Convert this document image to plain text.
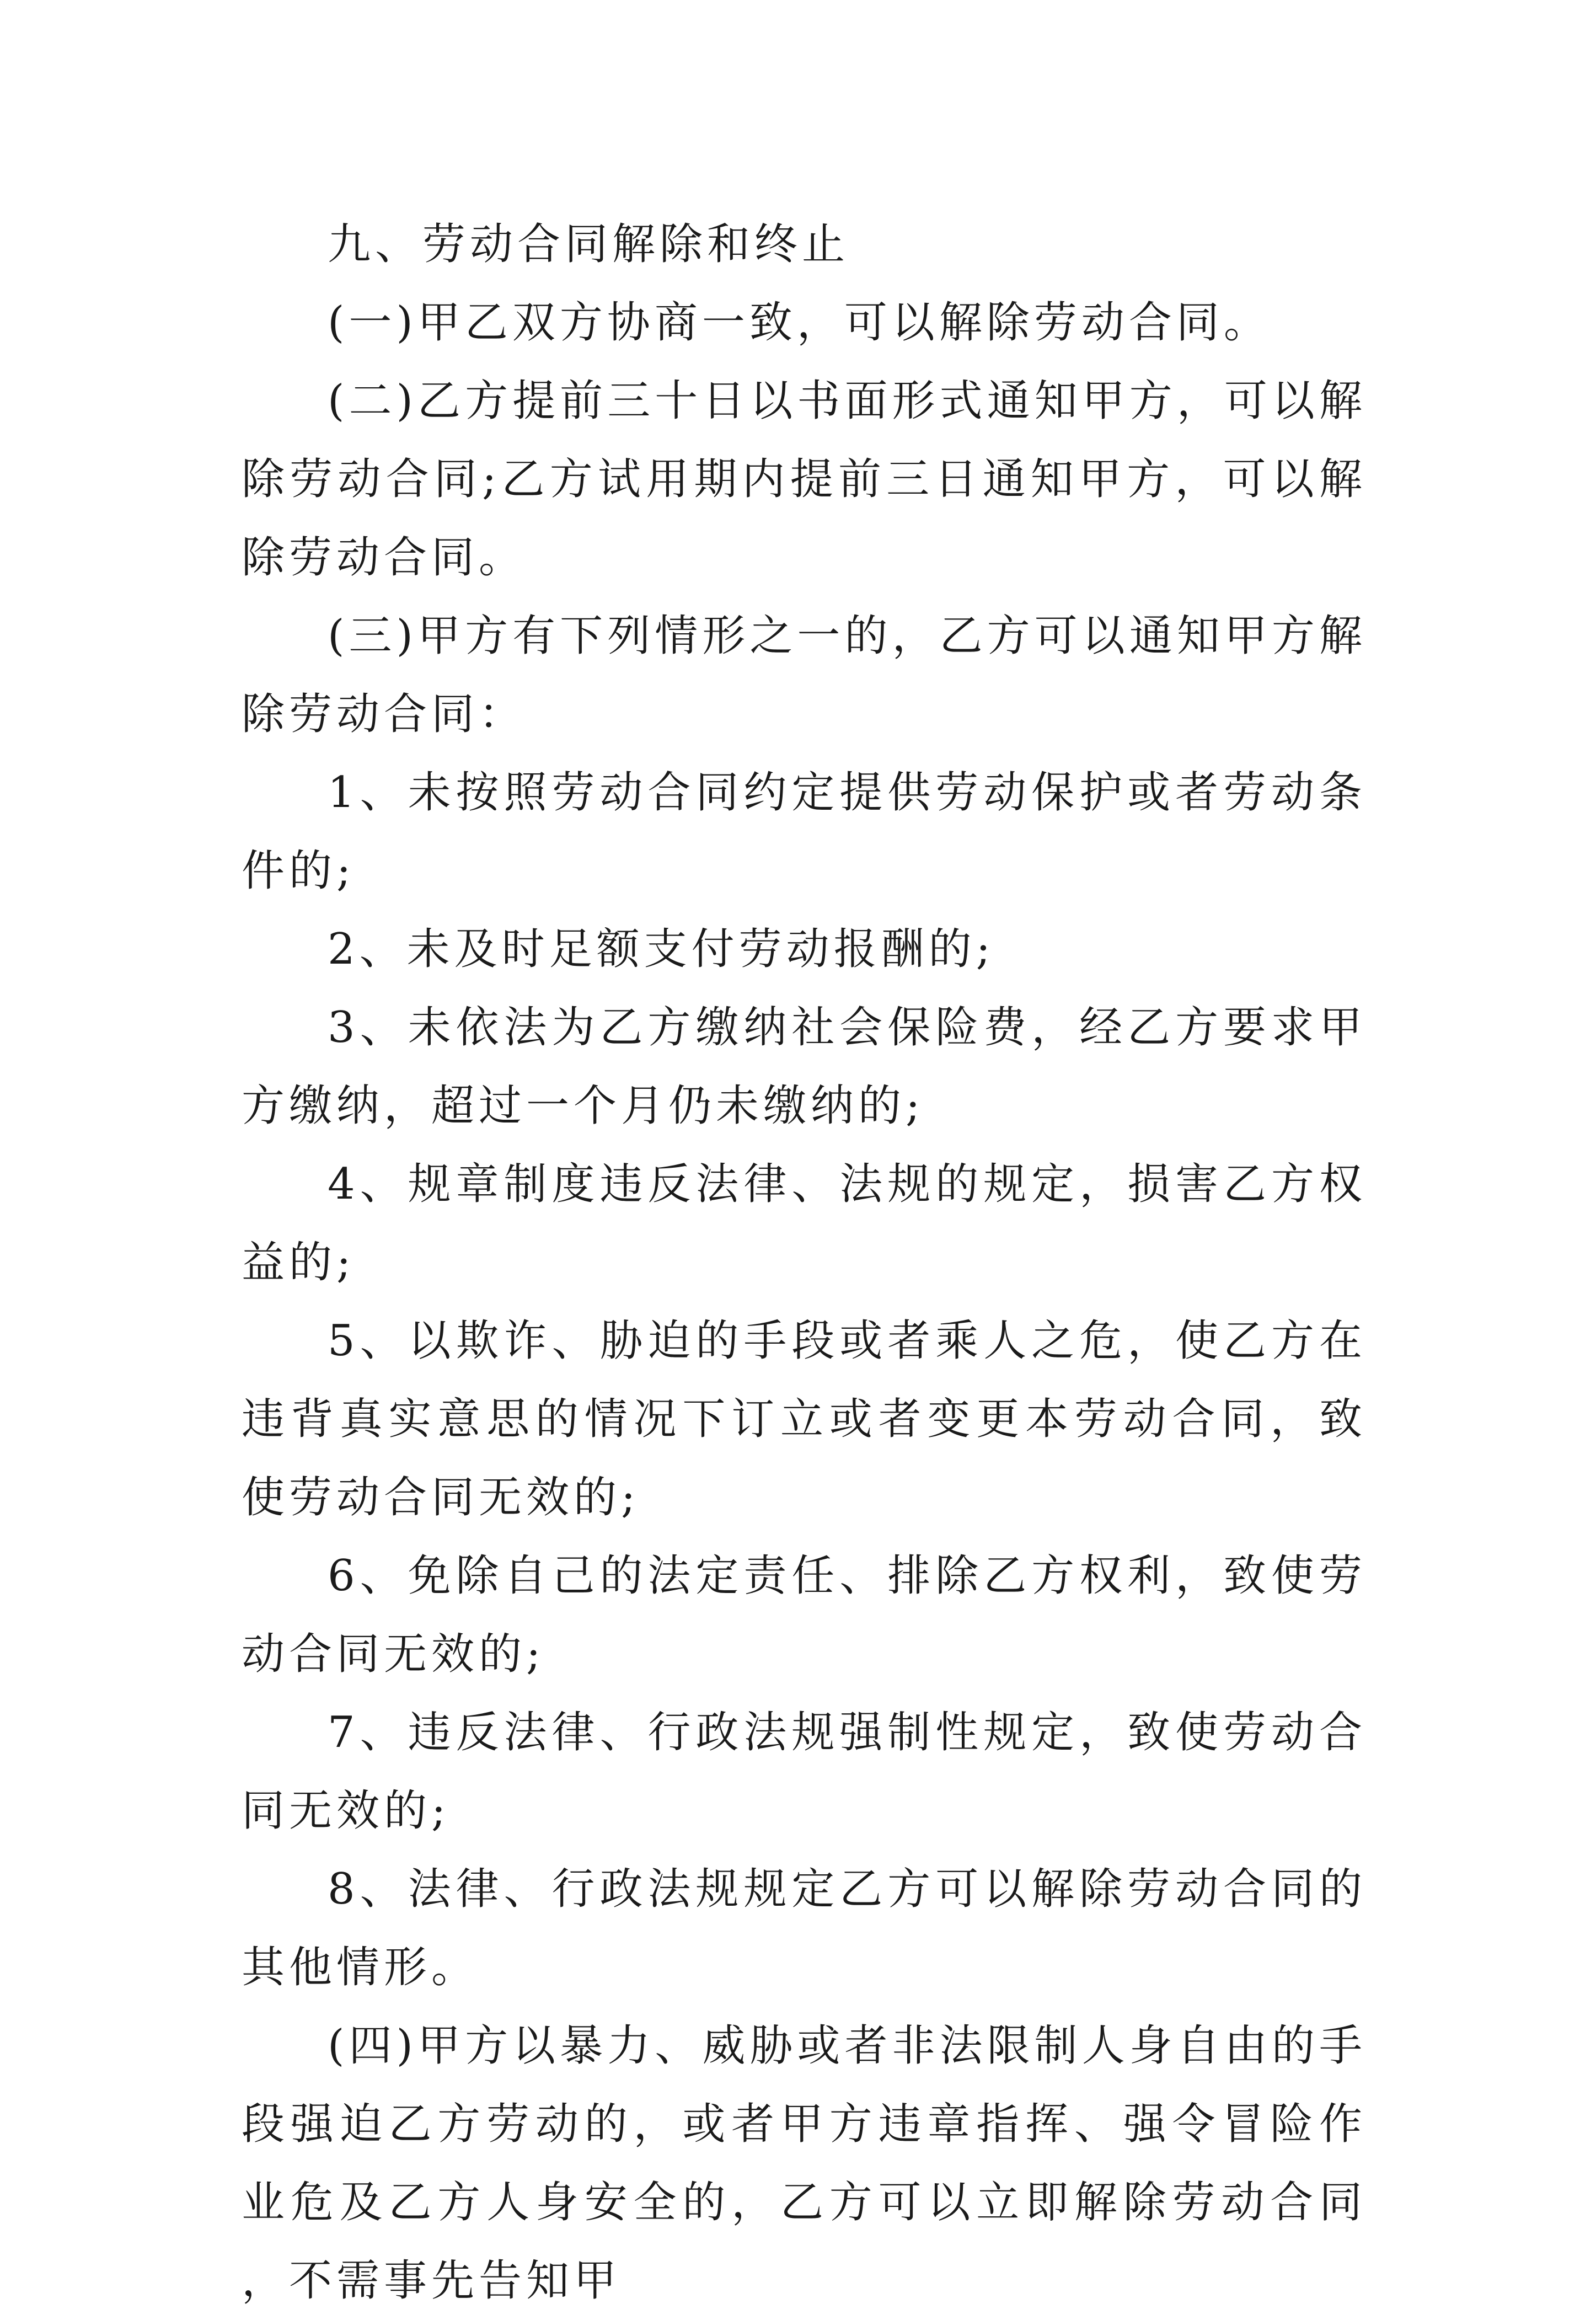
九、劳动合同解除和终止

(一)甲乙双方协商一致，可以解除劳动合同。

(二)乙方提前三十日以书面形式通知甲方，可以解除劳动合同;乙方试用期内提前三日通知甲方，可以解除劳动合同。

(三)甲方有下列情形之一的，乙方可以通知甲方解除劳动合同：

1、未按照劳动合同约定提供劳动保护或者劳动条件的;

2、未及时足额支付劳动报酬的;

3、未依法为乙方缴纳社会保险费，经乙方要求甲方缴纳，超过一个月仍未缴纳的;

4、规章制度违反法律、法规的规定，损害乙方权益的;

5、以欺诈、胁迫的手段或者乘人之危，使乙方在违背真实意思的情况下订立或者变更本劳动合同，致使劳动合同无效的;

6、免除自己的法定责任、排除乙方权利，致使劳动合同无效的;

7、违反法律、行政法规强制性规定，致使劳动合同无效的;

8、法律、行政法规规定乙方可以解除劳动合同的其他情形。

(四)甲方以暴力、威胁或者非法限制人身自由的手段强迫乙方劳动的，或者甲方违章指挥、强令冒险作业危及乙方人身安全的，乙方可以立即解除劳动合同，不需事先告知甲
